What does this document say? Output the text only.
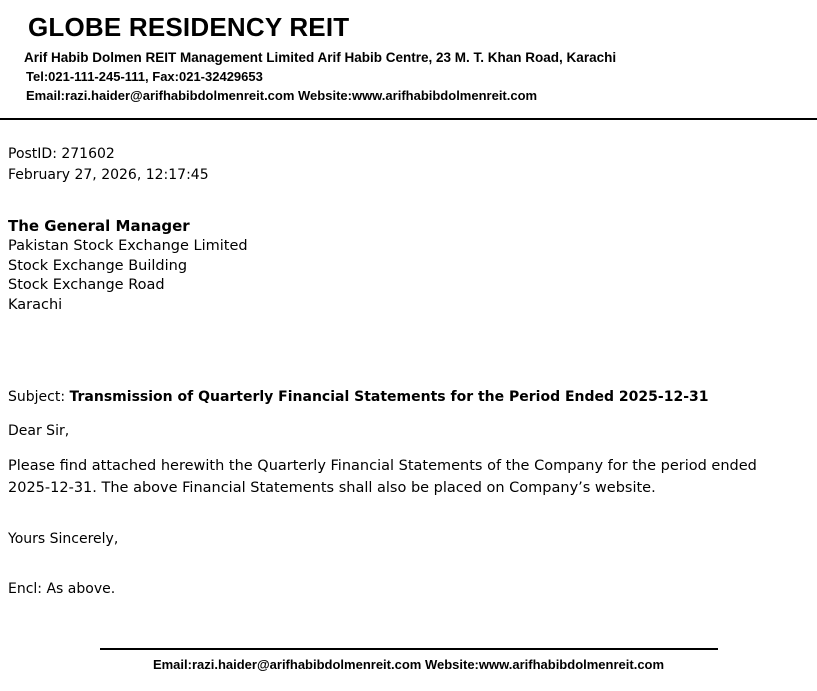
GLOBE RESIDENCY REIT
Arif Habib Dolmen REIT Management Limited Arif Habib Centre, 23 M. T. Khan Road, Karachi
Tel:021-111-245-111, Fax:021-32429653
Email:razi.haider@arifhabibdolmenreit.com Website:www.arifhabibdolmenreit.com
PostID: 271602
February 27, 2026, 12:17:45
The General Manager
Pakistan Stock Exchange Limited
Stock Exchange Building
Stock Exchange Road
Karachi
Subject: Transmission of Quarterly Financial Statements for the Period Ended 2025-12-31
Dear Sir,
Please find attached herewith the Quarterly Financial Statements of the Company for the period ended 2025-12-31. The above Financial Statements shall also be placed on Company’s website.
Yours Sincerely,
Encl: As above.
Email:razi.haider@arifhabibdolmenreit.com Website:www.arifhabibdolmenreit.com
